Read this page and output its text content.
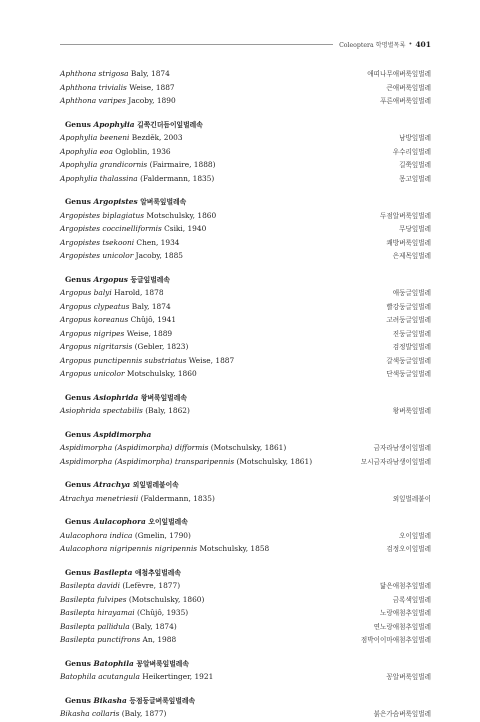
Coleoptera 학명별목록 • 401
Aphthona strigosa Baly, 1874	애띠나무애벼룩잎벌레
Aphthona trivialis Weise, 1887	큰애벼룩잎벌레
Aphthona varipes Jacoby, 1890	푸른애벼룩잎벌레
Genus Apophylia 길쭉긴더듬이잎벌레속
Apophylia beeneni Bezděk, 2003	남방잎벌레
Apophylia eoa Ogloblin, 1936	우수리잎벌레
Apophylia grandicornis (Fairmaire, 1888)	길쭉잎벌레
Apophylia thalassina (Faldermann, 1835)	몽고잎벌레
Genus Argopistes 알벼룩잎벌레속
Argopistes biplagiatus Motschulsky, 1860	두점알벼룩잎벌레
Argopistes coccinelliformis Csiki, 1940	무당잎벌레
Argopistes tsekooni Chen, 1934	쾌방벼룩잎벌레
Argopistes unicolor Jacoby, 1885	은제목잎벌레
Genus Argopus 둥글잎벌레속
Argopus balyi Harold, 1878	애둥글잎벌레
Argopus clypeatus Baly, 1874	빨강둥글잎벌레
Argopus koreanus Chûjô, 1941	고려둥글잎벌레
Argopus nigripes Weise, 1889	진둥글잎벌레
Argopus nigritarsis (Gebler, 1823)	검정발잎벌레
Argopus punctipennis substriatus Weise, 1887	갈색둥글잎벌레
Argopus unicolor Motschulsky, 1860	단색둥글잎벌레
Genus Asiophrida 왕벼룩잎벌레속
Asiophrida spectabilis (Baly, 1862)	왕벼룩잎벌레
Genus Aspidimorpha
Aspidimorpha (Aspidimorpha) difformis (Motschulsky, 1861)	금자라남생이잎벌레
Aspidimorpha (Aspidimorpha) transparipennis (Motschulsky, 1861)	모시금자라남생이잎벌레
Genus Atrachya 외잎벌레붙이속
Atrachya menetriesii (Faldermann, 1835)	외잎벌레붙이
Genus Aulacophora 오이잎벌레속
Aulacophora indica (Gmelin, 1790)	오이잎벌레
Aulacophora nigripennis nigripennis Motschulsky, 1858	검정오이잎벌레
Genus Basilepta 애첨추잎벌레속
Basilepta davidi (Lefèvre, 1877)	닮은애첨추잎벌레
Basilepta fulvipes (Motschulsky, 1860)	금록색잎벌레
Basilepta hirayamai (Chûjô, 1935)	노랑애첨추잎벌레
Basilepta pallidula (Baly, 1874)	연노랑애첨추잎벌레
Basilepta punctifrons An, 1988	점박이이마애첨추잎벌레
Genus Batophila 꽁알벼룩잎벌레속
Batophila acutangula Heikertinger, 1921	꽁알벼룩잎벌레
Genus Bikasha 등점둥글벼룩잎벌레속
Bikasha collaris (Baly, 1877)	붉은가슴벼룩잎벌레
